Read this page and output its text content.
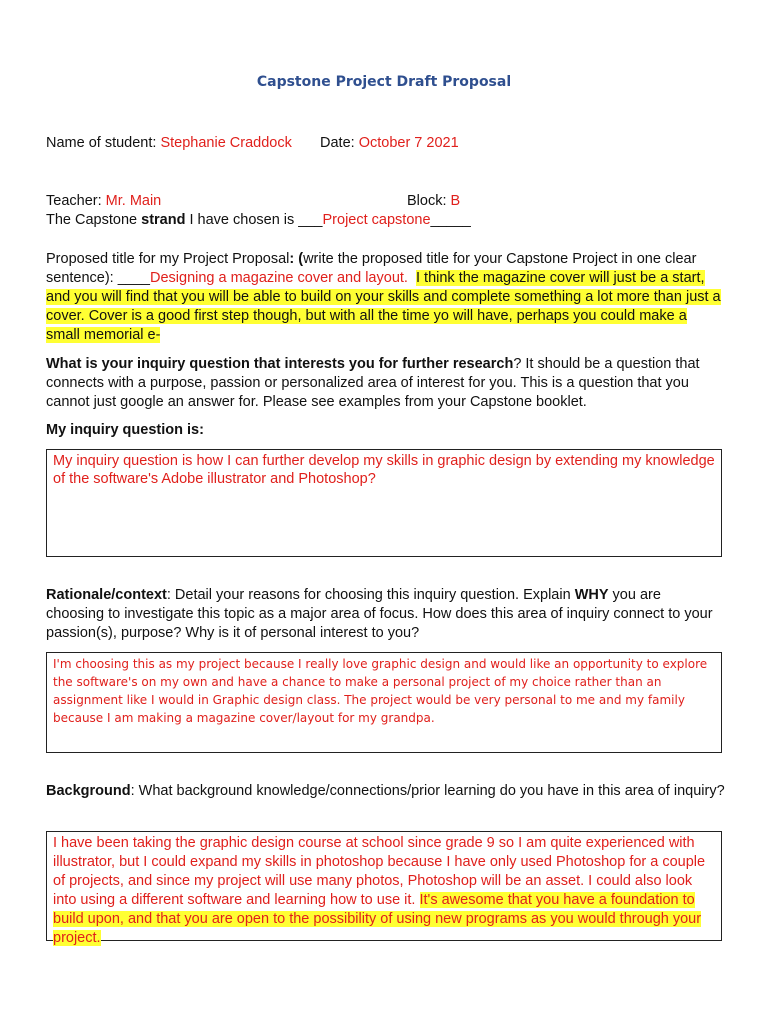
Capstone Project Draft Proposal
Name of student: Stephanie Craddock Date: October 7 2021
Teacher: Mr. Main	Block: B
The Capstone strand I have chosen is ___Project capstone_____
Proposed title for my Project Proposal: (write the proposed title for your Capstone Project in one clear sentence): ____Designing a magazine cover and layout. I think the magazine cover will just be a start, and you will find that you will be able to build on your skills and complete something a lot more than just a cover. Cover is a good first step though, but with all the time yo will have, perhaps you could make a small memorial e-
What is your inquiry question that interests you for further research? It should be a question that connects with a purpose, passion or personalized area of interest for you. This is a question that you cannot just google an answer for. Please see examples from your Capstone booklet.
My inquiry question is:
My inquiry question is how I can further develop my skills in graphic design by extending my knowledge of the software's Adobe illustrator and Photoshop?
Rationale/context: Detail your reasons for choosing this inquiry question. Explain WHY you are choosing to investigate this topic as a major area of focus. How does this area of inquiry connect to your passion(s), purpose? Why is it of personal interest to you?
I'm choosing this as my project because I really love graphic design and would like an opportunity to explore the software's on my own and have a chance to make a personal project of my choice rather than an assignment like I would in Graphic design class. The project would be very personal to me and my family because I am making a magazine cover/layout for my grandpa.
Background: What background knowledge/connections/prior learning do you have in this area of inquiry?
I have been taking the graphic design course at school since grade 9 so I am quite experienced with illustrator, but I could expand my skills in photoshop because I have only used Photoshop for a couple of projects, and since my project will use many photos, Photoshop will be an asset. I could also look into using a different software and learning how to use it. It's awesome that you have a foundation to build upon, and that you are open to the possibility of using new programs as you would through your project.
